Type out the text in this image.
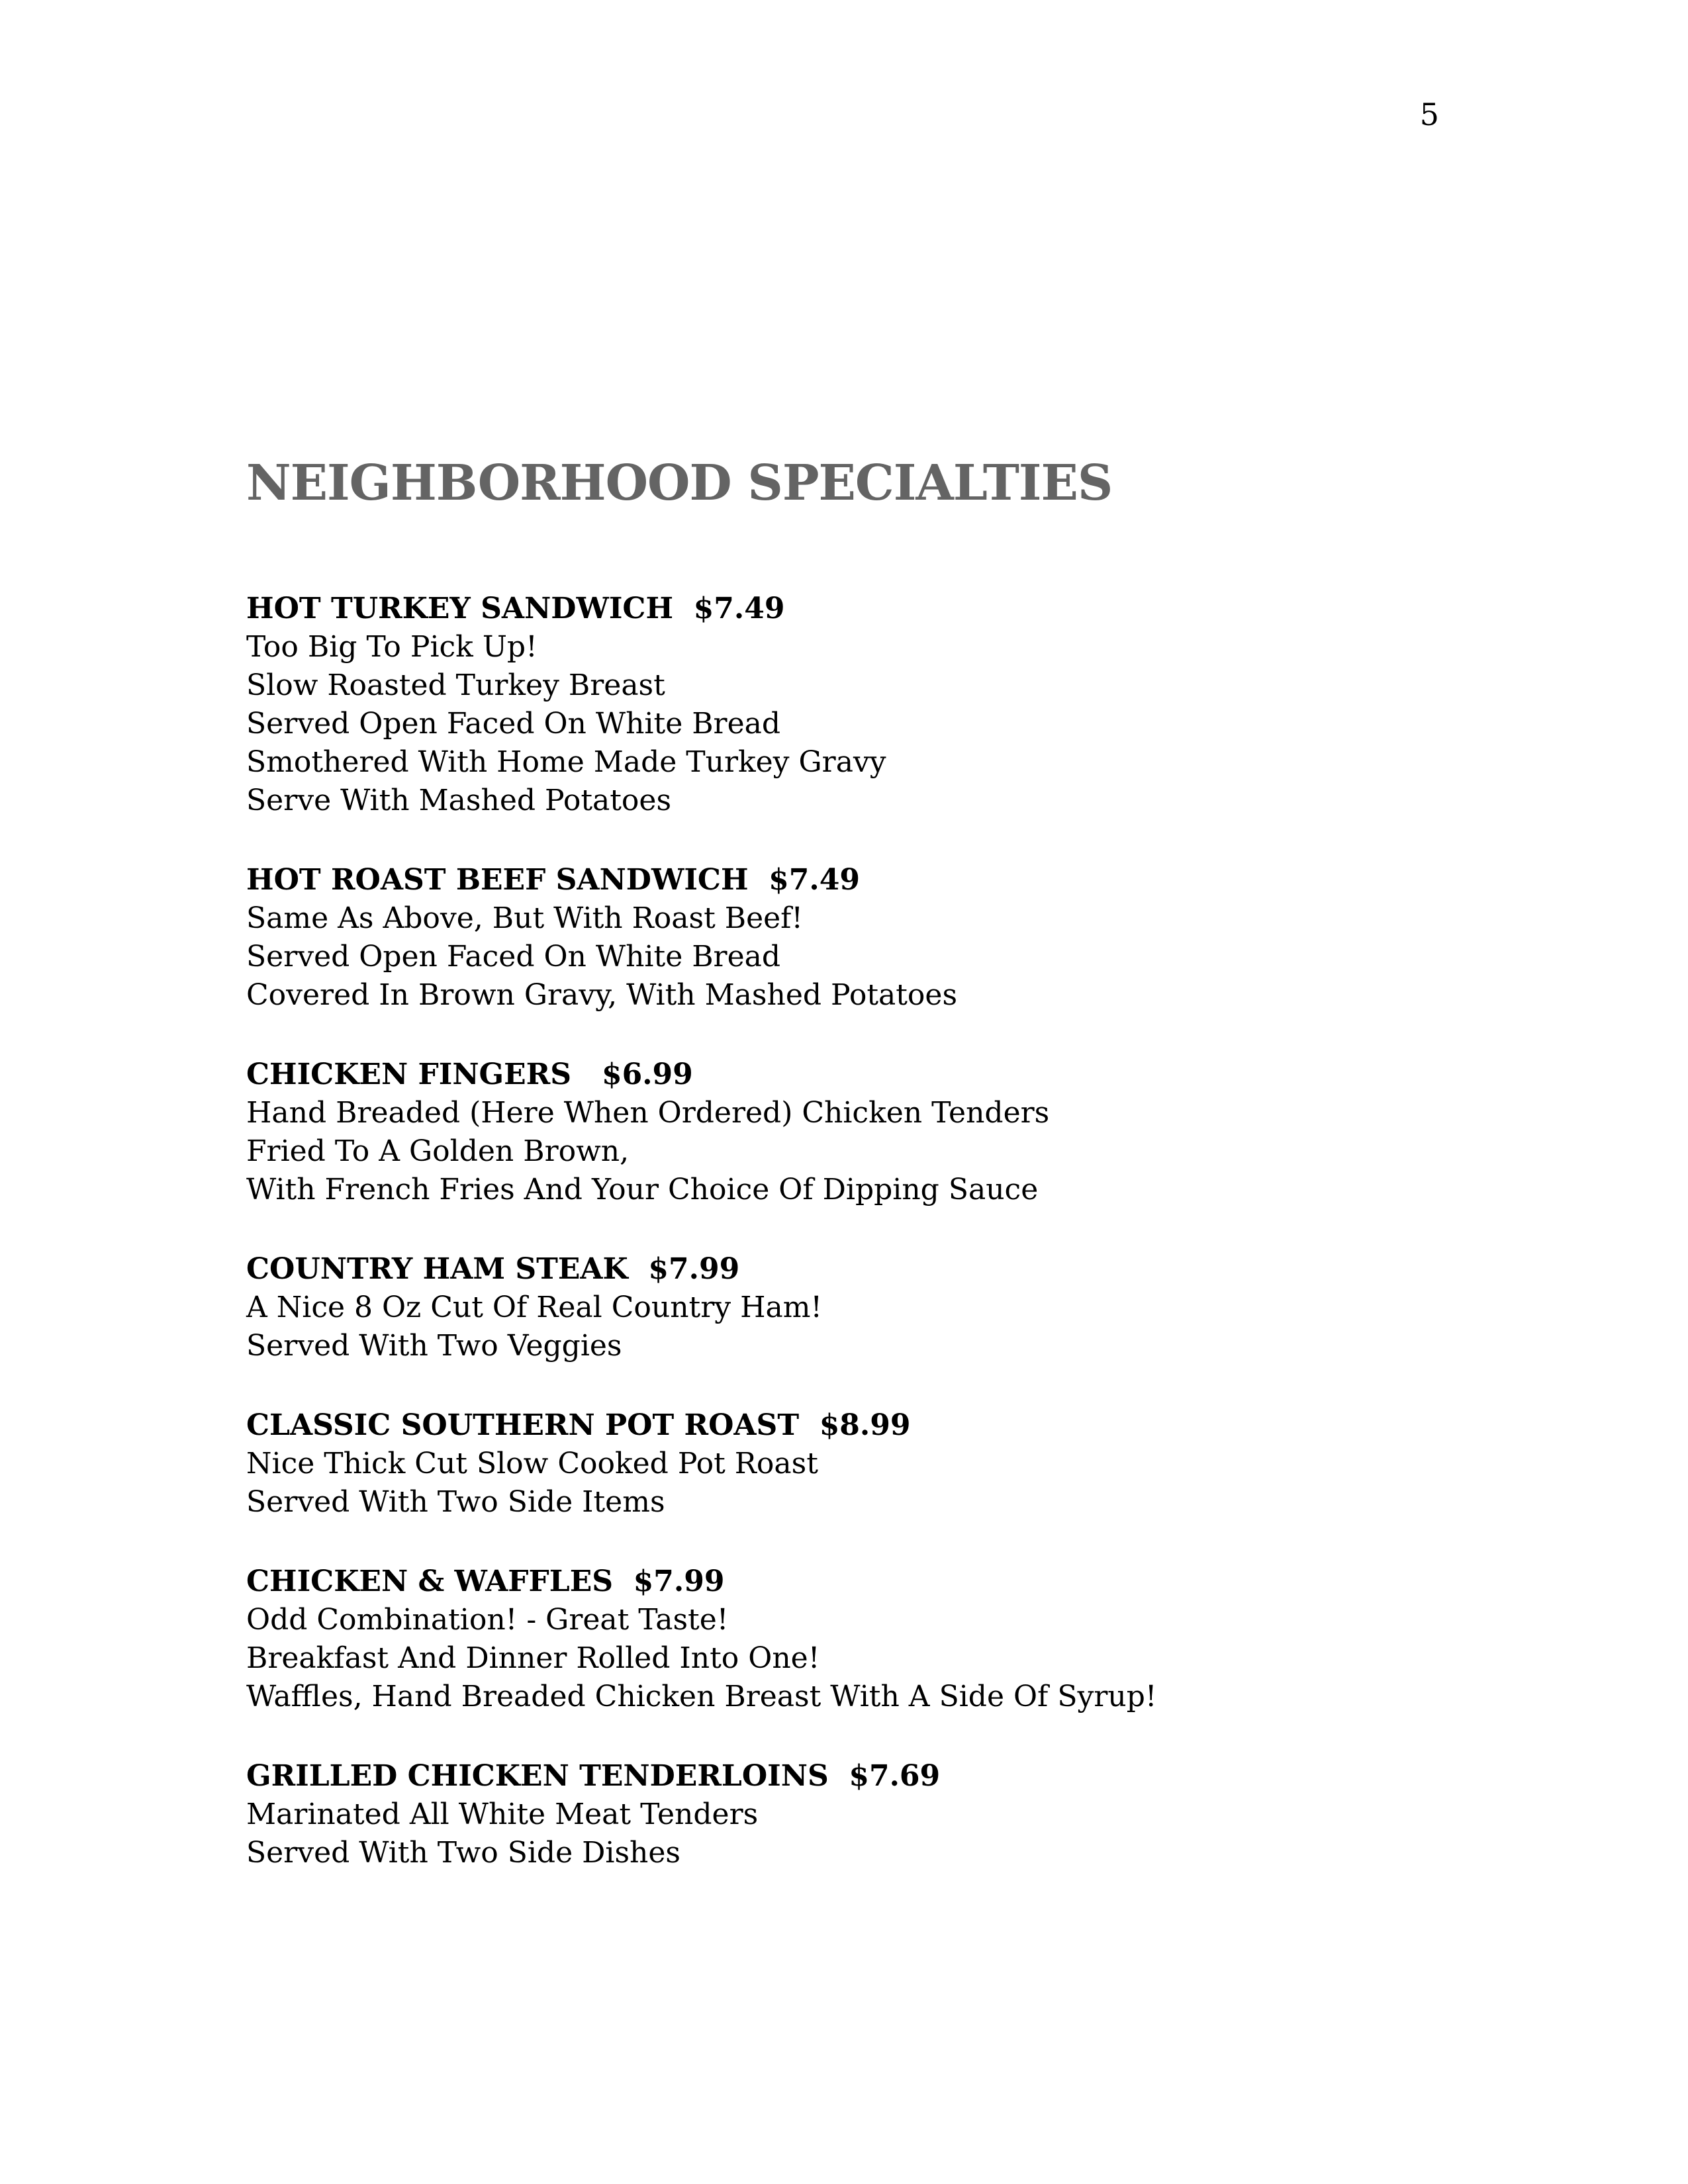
5
NEIGHBORHOOD SPECIALTIES
HOT TURKEY SANDWICH  $7.49
Too Big To Pick Up!
Slow Roasted Turkey Breast
Served Open Faced On White Bread
Smothered With Home Made Turkey Gravy
Serve With Mashed Potatoes
HOT ROAST BEEF SANDWICH  $7.49
Same As Above, But With Roast Beef!
Served Open Faced On White Bread
Covered In Brown Gravy, With Mashed Potatoes
CHICKEN FINGERS   $6.99
Hand Breaded (Here When Ordered) Chicken Tenders
Fried To A Golden Brown,
With French Fries And Your Choice Of Dipping Sauce
COUNTRY HAM STEAK  $7.99
A Nice 8 Oz Cut Of Real Country Ham!
Served With Two Veggies
CLASSIC SOUTHERN POT ROAST  $8.99
Nice Thick Cut Slow Cooked Pot Roast
Served With Two Side Items
CHICKEN & WAFFLES  $7.99
Odd Combination! - Great Taste!
Breakfast And Dinner Rolled Into One!
Waffles, Hand Breaded Chicken Breast With A Side Of Syrup!
GRILLED CHICKEN TENDERLOINS  $7.69
Marinated All White Meat Tenders
Served With Two Side Dishes
